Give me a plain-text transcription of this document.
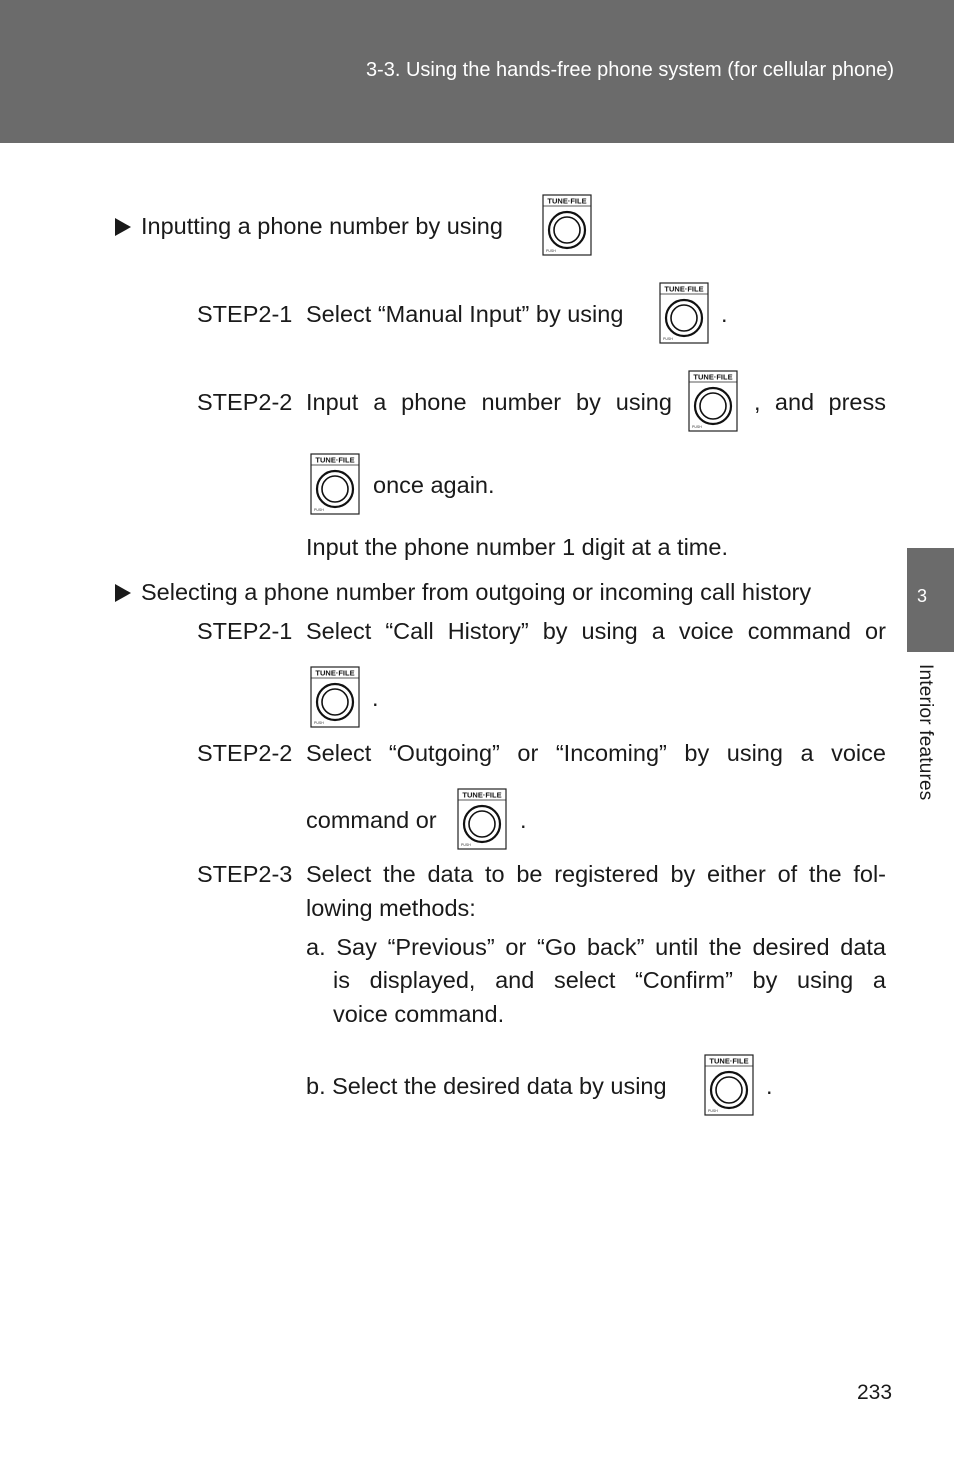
3-3. Using the hands-free phone system (for cellular phone)
3
Interior features
Inputting a phone number by using
TUNE·FILE
PUSH
STEP2-1 Select “Manual Input” by using
TUNE·FILE
PUSH
.
STEP2-2 Input a phone number by using
TUNE·FILE
PUSH
, and press
TUNE·FILE
PUSH
once again.
Input the phone number 1 digit at a time.
Selecting a phone number from outgoing or incoming call history
STEP2-1 Select “Call History” by using a voice command or
TUNE·FILE
PUSH
.
STEP2-2 Select “Outgoing” or “Incoming” by using a voice
command or
TUNE·FILE
PUSH
.
STEP2-3 Select the data to be registered by either of the fol-
lowing methods:
a. Say “Previous” or “Go back” until the desired data
is displayed, and select “Confirm” by using a
voice command.
b. Select the desired data by using
TUNE·FILE
PUSH
.
233
